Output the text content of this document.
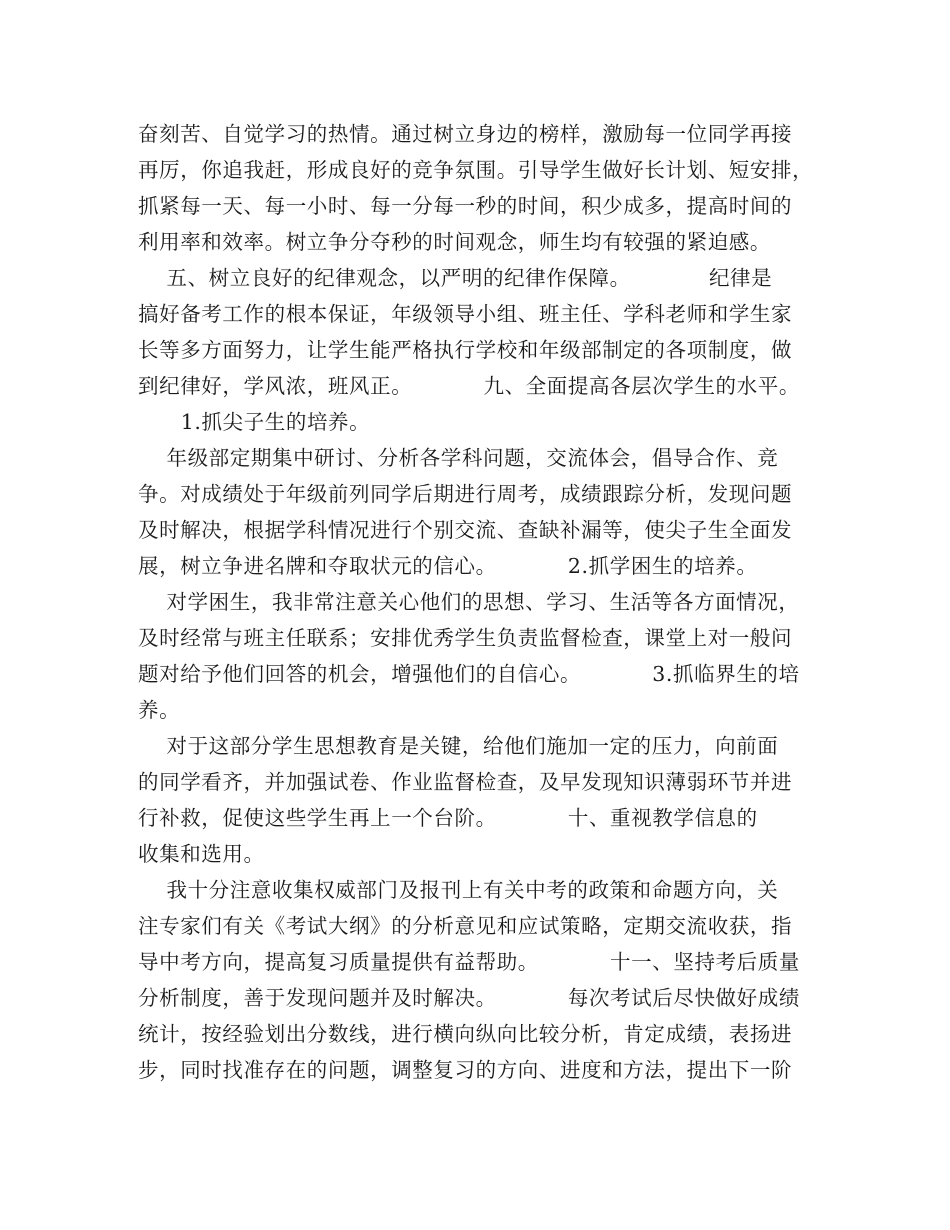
奋刻苦、自觉学习的热情。通过树立身边的榜样，激励每一位同学再接
再厉，你追我赶，形成良好的竞争氛围。引导学生做好长计划、短安排，
抓紧每一天、每一小时、每一分每一秒的时间，积少成多，提高时间的
利用率和效率。树立争分夺秒的时间观念，师生均有较强的紧迫感。
五、树立良好的纪律观念，以严明的纪律作保障。           纪律是
搞好备考工作的根本保证，年级领导小组、班主任、学科老师和学生家
长等多方面努力，让学生能严格执行学校和年级部制定的各项制度，做
到纪律好，学风浓，班风正。          九、全面提高各层次学生的水平。
1.抓尖子生的培养。
年级部定期集中研讨、分析各学科问题，交流体会，倡导合作、竞
争。对成绩处于年级前列同学后期进行周考，成绩跟踪分析，发现问题
及时解决，根据学科情况进行个别交流、查缺补漏等，使尖子生全面发
展，树立争进名牌和夺取状元的信心。          2.抓学困生的培养。
对学困生，我非常注意关心他们的思想、学习、生活等各方面情况，
及时经常与班主任联系；安排优秀学生负责监督检查，课堂上对一般问
题对给予他们回答的机会，增强他们的自信心。          3.抓临界生的培
养。
对于这部分学生思想教育是关键，给他们施加一定的压力，向前面
的同学看齐，并加强试卷、作业监督检查，及早发现知识薄弱环节并进
行补救，促使这些学生再上一个台阶。          十、重视教学信息的
收集和选用。
我十分注意收集权威部门及报刊上有关中考的政策和命题方向，关
注专家们有关《考试大纲》的分析意见和应试策略，定期交流收获，指
导中考方向，提高复习质量提供有益帮助。          十一、坚持考后质量
分析制度，善于发现问题并及时解决。          每次考试后尽快做好成绩
统计，按经验划出分数线，进行横向纵向比较分析，肯定成绩，表扬进
步，同时找准存在的问题，调整复习的方向、进度和方法，提出下一阶
